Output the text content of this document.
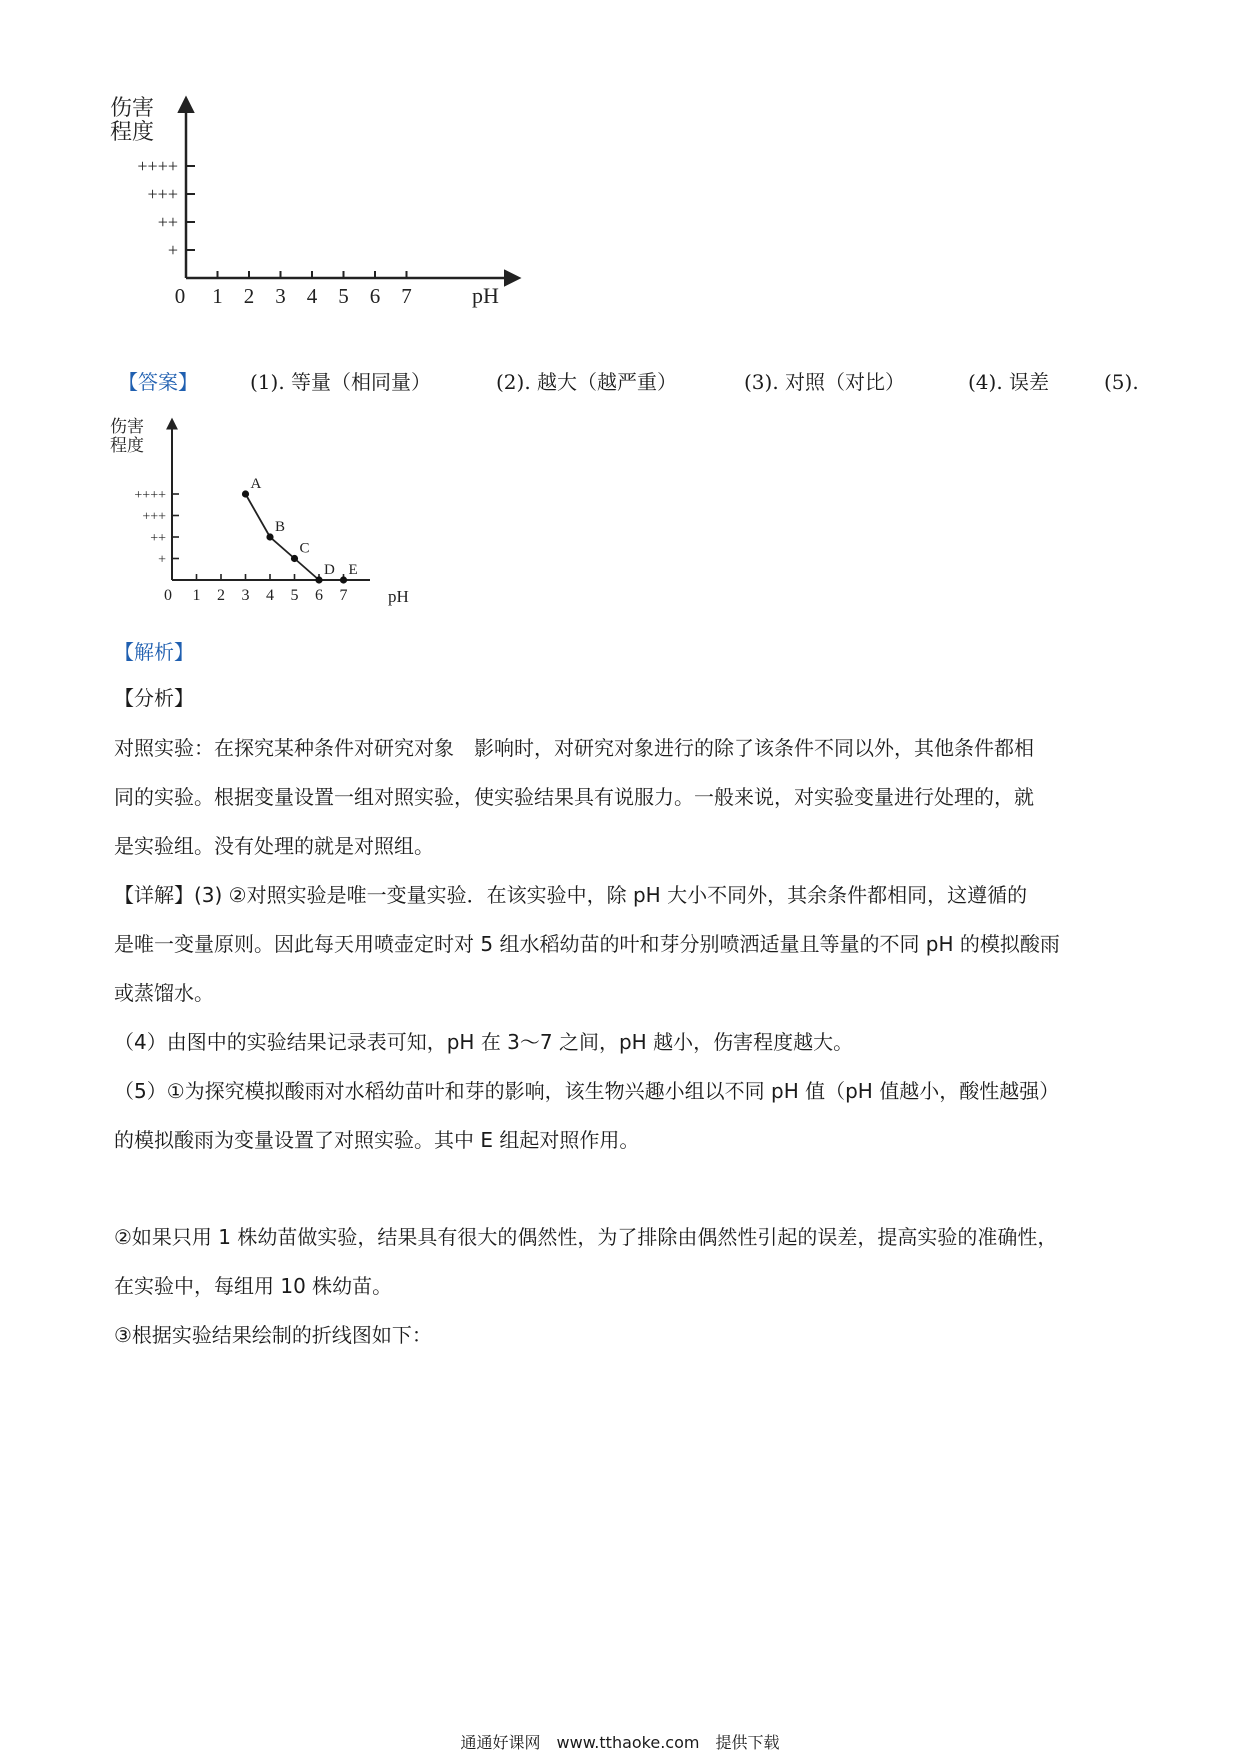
伤害
程度
+
++
+++
++++
0 1 2 3 4 5 6 7	pH
【答案】	(1). 等量（相同量）	(2). 越大（越严重）	(3). 对照（对比）	(4). 误差	(5).
伤害
程度
+
++
+++
++++
0 1 2 3 4 5 6 7
A
B
C
D E
pH
【解析】
【分析】

对照实验：在探究某种条件对研究对象　影响时，对研究对象进行的除了该条件不同以外，其他条件都相

同的实验。根据变量设置一组对照实验，使实验结果具有说服力。一般来说，对实验变量进行处理的，就

是实验组。没有处理的就是对照组。

【详解】(3) ②对照实验是唯一变量实验．在该实验中，除 pH 大小不同外，其余条件都相同，这遵循的

是唯一变量原则。因此每天用喷壶定时对 5 组水稻幼苗的叶和芽分别喷洒适量且等量的不同 pH 的模拟酸雨

或蒸馏水。

（4）由图中的实验结果记录表可知，pH 在 3～7 之间，pH 越小，伤害程度越大。

（5）①为探究模拟酸雨对水稻幼苗叶和芽的影响，该生物兴趣小组以不同 pH 值（pH 值越小，酸性越强）

的模拟酸雨为变量设置了对照实验。其中 E 组起对照作用。

②如果只用 1 株幼苗做实验，结果具有很大的偶然性，为了排除由偶然性引起的误差，提高实验的准确性，

在实验中，每组用 10 株幼苗。

③根据实验结果绘制的折线图如下：

通通好课网　www.tthaoke.com　提供下载
